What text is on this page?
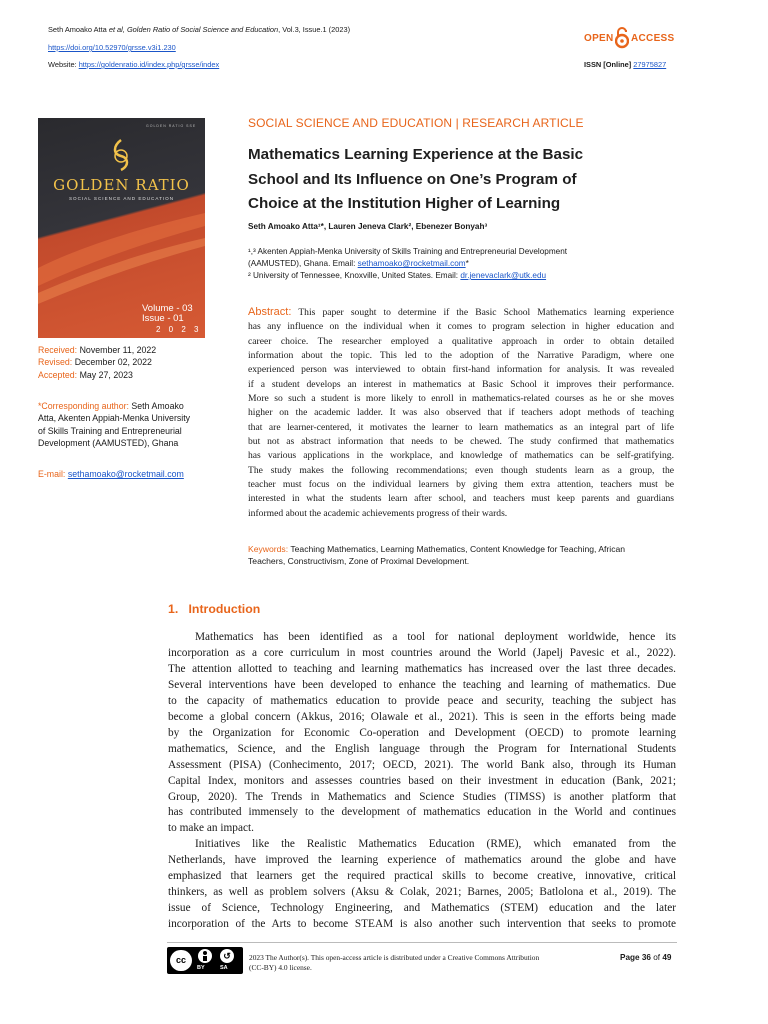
Seth Amoako Atta et al, Golden Ratio of Social Science and Education, Vol.3, Issue.1 (2023)
https://doi.org/10.52970/grsse.v3i1.230
Website: https://goldenratio.id/index.php/grsse/index
OPEN ACCESS
ISSN [Online] 27975827
GOLDEN RATIO SSE
GOLDEN RATIO
SOCIAL SCIENCE AND EDUCATION
Volume - 03
Issue - 01
2 0 2 3
Received: November 11, 2022
Revised: December 02, 2022
Accepted: May 27, 2023
*Corresponding author: Seth Amoako
Atta, Akenten Appiah-Menka University
of Skills Training and Entrepreneurial
Development (AAMUSTED), Ghana
E-mail: sethamoako@rocketmail.com
SOCIAL SCIENCE AND EDUCATION | RESEARCH ARTICLE
Mathematics Learning Experience at the Basic
School and Its Influence on One’s Program of
Choice at the Institution Higher of Learning
Seth Amoako Atta¹*, Lauren Jeneva Clark², Ebenezer Bonyah³
¹,³ Akenten Appiah-Menka University of Skills Training and Entrepreneurial Development
(AAMUSTED), Ghana. Email: sethamoako@rocketmail.com*
² University of Tennessee, Knoxville, United States. Email: dr.jenevaclark@utk.edu
Abstract: This paper sought to determine if the Basic School Mathematics learning experience
has any influence on the individual when it comes to program selection in higher education and
career choice. The researcher employed a qualitative approach in order to obtain detailed
information about the topic. This led to the adoption of the Narrative Paradigm, where one
experienced person was interviewed to obtain first-hand information for analysis. It was revealed
if a student develops an interest in mathematics at Basic School it improves their performance.
More so such a student is more likely to enroll in mathematics-related courses as he or she moves
higher on the academic ladder. It was also observed that if teachers adopt methods of teaching
that are learner-centered, it motivates the learner to learn mathematics as an integral part of life
but not as abstract information that needs to be chewed. The study confirmed that mathematics
has various applications in the workplace, and knowledge of mathematics can be self-gratifying.
The study makes the following recommendations; even though students learn as a group, the
teacher must focus on the individual learners by giving them extra attention, teachers must be
interested in what the students learn after school, and teachers must keep parents and guardians
informed about the academic achievements progress of their wards.
Keywords: Teaching Mathematics, Learning Mathematics, Content Knowledge for Teaching, African
Teachers, Constructivism, Zone of Proximal Development.
1. Introduction
Mathematics has been identified as a tool for national deployment worldwide, hence its
incorporation as a core curriculum in most countries around the World (Japelj Pavesic et al., 2022).
The attention allotted to teaching and learning mathematics has increased over the last three decades.
Several interventions have been developed to enhance the teaching and learning of mathematics. Due
to the capacity of mathematics education to provide peace and security, teaching the subject has
become a global concern (Akkus, 2016; Olawale et al., 2021). This is seen in the efforts being made
by the Organization for Economic Co-operation and Development (OECD) to promote learning
mathematics, Science, and the English language through the Program for International Students
Assessment (PISA) (Conhecimento, 2017; OECD, 2021). The world Bank also, through its Human
Capital Index, monitors and assesses countries based on their investment in education (Bank, 2021;
Group, 2020). The Trends in Mathematics and Science Studies (TIMSS) is another platform that
has contributed immensely to the development of mathematics education in the World and continues
to make an impact.
Initiatives like the Realistic Mathematics Education (RME), which emanated from the
Netherlands, have improved the learning experience of mathematics around the globe and have
emphasized that learners get the required practical skills to become creative, innovative, critical
thinkers, as well as problem solvers (Aksu & Colak, 2021; Barnes, 2005; Batlolona et al., 2019). The
issue of Science, Technology Engineering, and Mathematics (STEM) education and the later
incorporation of the Arts to become STEAM is also another such intervention that seeks to promote
cc	↺
BY	SA
2023 The Author(s). This open-access article is distributed under a Creative Commons Attribution
(CC-BY) 4.0 license.
Page 36 of 49
